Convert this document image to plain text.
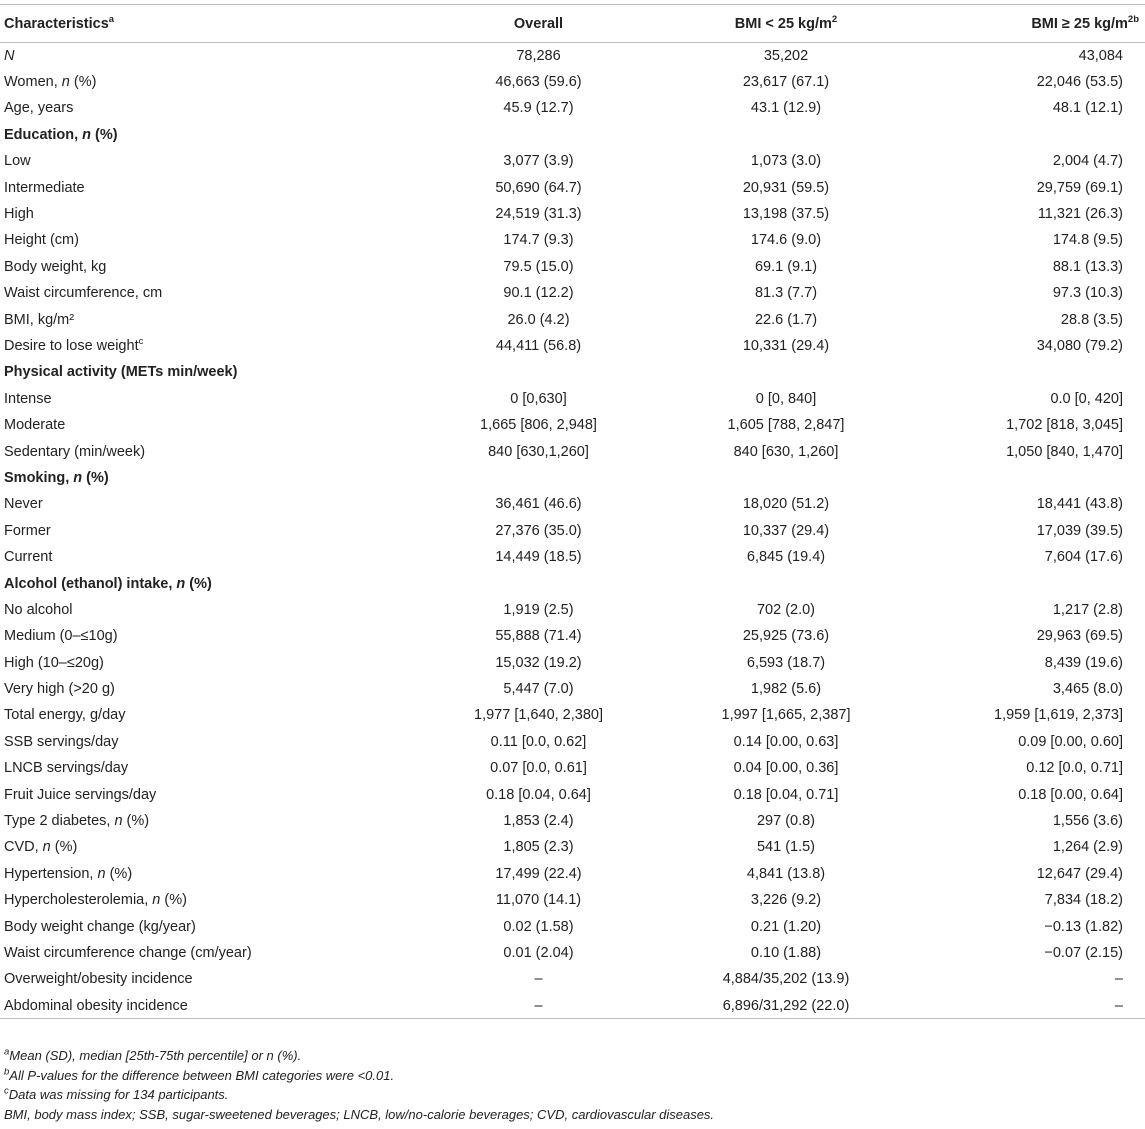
Characteristics$^a$	Overall	BMI < 25 $kg/m^2$	BMI ≥ 25 $kg/m^{2b}$
N	78,286	35,202	43,084
Women, n (%)	46,663 (59.6)	23,617 (67.1)	22,046 (53.5)
Age, years	45.9 (12.7)	43.1 (12.9)	48.1 (12.1)
Education, n (%)			
Low	3,077 (3.9)	1,073 (3.0)	2,004 (4.7)
Intermediate	50,690 (64.7)	20,931 (59.5)	29,759 (69.1)
High	24,519 (31.3)	13,198 (37.5)	11,321 (26.3)
Height (cm)	174.7 (9.3)	174.6 (9.0)	174.8 (9.5)
Body weight, kg	79.5 (15.0)	69.1 (9.1)	88.1 (13.3)
Waist circumference, cm	90.1 (12.2)	81.3 (7.7)	97.3 (10.3)
BMI, kg/m²	26.0 (4.2)	22.6 (1.7)	28.8 (3.5)
Desire to lose weight$^c$	44,411 (56.8)	10,331 (29.4)	34,080 (79.2)
Physical activity (METs min/week)			
Intense	0 [0,630]	0 [0, 840]	0.0 [0, 420]
Moderate	1,665 [806, 2,948]	1,605 [788, 2,847]	1,702 [818, 3,045]
Sedentary (min/week)	840 [630,1,260]	840 [630, 1,260]	1,050 [840, 1,470]
Smoking, n (%)			
Never	36,461 (46.6)	18,020 (51.2)	18,441 (43.8)
Former	27,376 (35.0)	10,337 (29.4)	17,039 (39.5)
Current	14,449 (18.5)	6,845 (19.4)	7,604 (17.6)
Alcohol (ethanol) intake, n (%)			
No alcohol	1,919 (2.5)	702 (2.0)	1,217 (2.8)
Medium (0–≤10g)	55,888 (71.4)	25,925 (73.6)	29,963 (69.5)
High (10–≤20g)	15,032 (19.2)	6,593 (18.7)	8,439 (19.6)
Very high (>20 g)	5,447 (7.0)	1,982 (5.6)	3,465 (8.0)
Total energy, g/day	1,977 [1,640, 2,380]	1,997 [1,665, 2,387]	1,959 [1,619, 2,373]
SSB servings/day	0.11 [0.0, 0.62]	0.14 [0.00, 0.63]	0.09 [0.00, 0.60]
LNCB servings/day	0.07 [0.0, 0.61]	0.04 [0.00, 0.36]	0.12 [0.0, 0.71]
Fruit Juice servings/day	0.18 [0.04, 0.64]	0.18 [0.04, 0.71]	0.18 [0.00, 0.64]
Type 2 diabetes, n (%)	1,853 (2.4)	297 (0.8)	1,556 (3.6)
CVD, n (%)	1,805 (2.3)	541 (1.5)	1,264 (2.9)
Hypertension, n (%)	17,499 (22.4)	4,841 (13.8)	12,647 (29.4)
Hypercholesterolemia, n (%)	11,070 (14.1)	3,226 (9.2)	7,834 (18.2)
Body weight change (kg/year)	0.02 (1.58)	0.21 (1.20)	−0.13 (1.82)
Waist circumference change (cm/year)	0.01 (2.04)	0.10 (1.88)	−0.07 (2.15)
Overweight/obesity incidence	–	4,884/35,202 (13.9)	–
Abdominal obesity incidence	–	6,896/31,292 (22.0)	–
$^a$Mean (SD), median [25th-75th percentile] or n (%).
$^b$All P-values for the difference between BMI categories were <0.01.
$^c$Data was missing for 134 participants.
BMI, body mass index; SSB, sugar-sweetened beverages; LNCB, low/no-calorie beverages; CVD, cardiovascular diseases.
